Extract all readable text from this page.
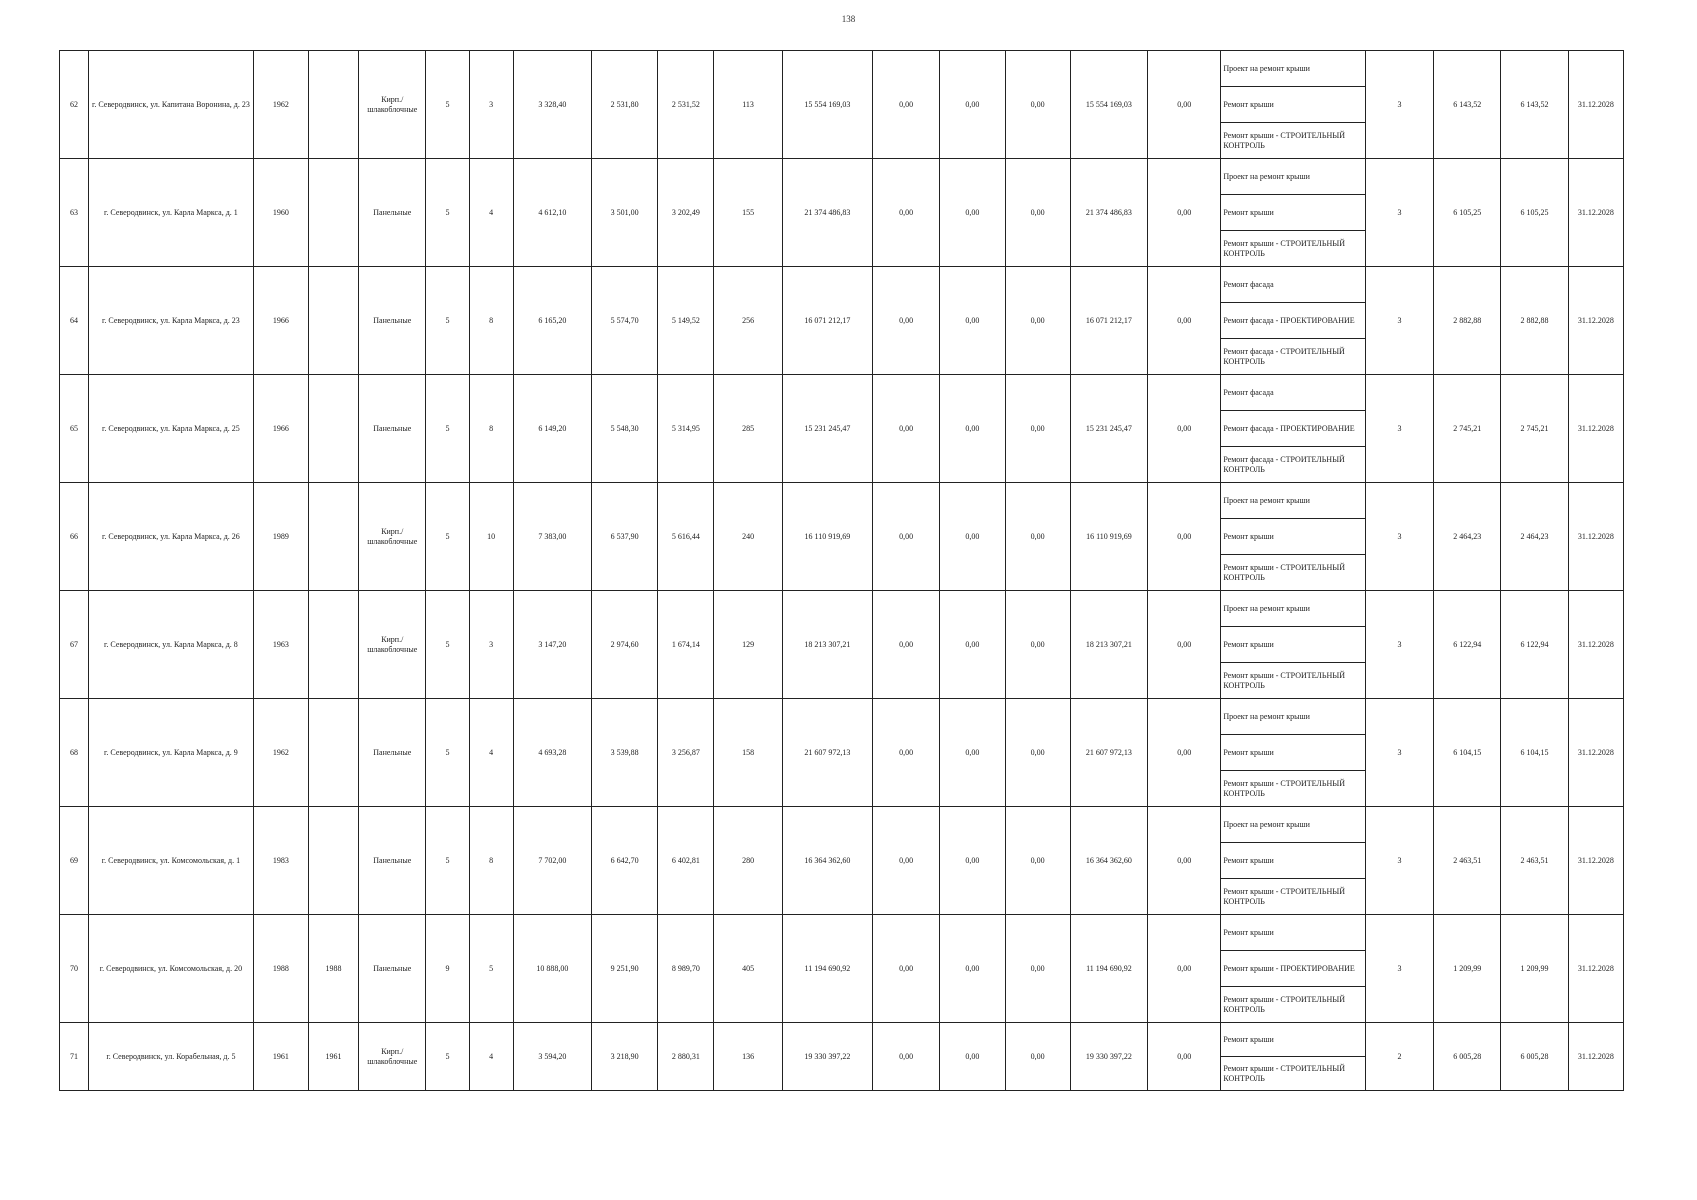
138
62	г. Северодвинск, ул. Капитана Воронина, д. 23	1962		Кирп./ шлакоблочные	5	3	3 328,40	2 531,80	2 531,52	113	15 554 169,03	0,00	0,00	0,00	15 554 169,03	0,00	Проект на ремонт крыши	3	6 143,52	6 143,52	31.12.2028
																	Ремонт крыши				
																	Ремонт крыши - СТРОИТЕЛЬНЫЙ КОНТРОЛЬ				
63	г. Северодвинск, ул. Карла Маркса, д. 1	1960		Панельные	5	4	4 612,10	3 501,00	3 202,49	155	21 374 486,83	0,00	0,00	0,00	21 374 486,83	0,00	Проект на ремонт крыши	3	6 105,25	6 105,25	31.12.2028
																	Ремонт крыши				
																	Ремонт крыши - СТРОИТЕЛЬНЫЙ КОНТРОЛЬ				
64	г. Северодвинск, ул. Карла Маркса, д. 23	1966		Панельные	5	8	6 165,20	5 574,70	5 149,52	256	16 071 212,17	0,00	0,00	0,00	16 071 212,17	0,00	Ремонт фасада	3	2 882,88	2 882,88	31.12.2028
																	Ремонт фасада - ПРОЕКТИРОВАНИЕ				
																	Ремонт фасада - СТРОИТЕЛЬНЫЙ КОНТРОЛЬ				
65	г. Северодвинск, ул. Карла Маркса, д. 25	1966		Панельные	5	8	6 149,20	5 548,30	5 314,95	285	15 231 245,47	0,00	0,00	0,00	15 231 245,47	0,00	Ремонт фасада	3	2 745,21	2 745,21	31.12.2028
																	Ремонт фасада - ПРОЕКТИРОВАНИЕ				
																	Ремонт фасада - СТРОИТЕЛЬНЫЙ КОНТРОЛЬ				
66	г. Северодвинск, ул. Карла Маркса, д. 26	1989		Кирп./ шлакоблочные	5	10	7 383,00	6 537,90	5 616,44	240	16 110 919,69	0,00	0,00	0,00	16 110 919,69	0,00	Проект на ремонт крыши	3	2 464,23	2 464,23	31.12.2028
																	Ремонт крыши				
																	Ремонт крыши - СТРОИТЕЛЬНЫЙ КОНТРОЛЬ				
67	г. Северодвинск, ул. Карла Маркса, д. 8	1963		Кирп./ шлакоблочные	5	3	3 147,20	2 974,60	1 674,14	129	18 213 307,21	0,00	0,00	0,00	18 213 307,21	0,00	Проект на ремонт крыши	3	6 122,94	6 122,94	31.12.2028
																	Ремонт крыши				
																	Ремонт крыши - СТРОИТЕЛЬНЫЙ КОНТРОЛЬ				
68	г. Северодвинск, ул. Карла Маркса, д. 9	1962		Панельные	5	4	4 693,28	3 539,88	3 256,87	158	21 607 972,13	0,00	0,00	0,00	21 607 972,13	0,00	Проект на ремонт крыши	3	6 104,15	6 104,15	31.12.2028
																	Ремонт крыши				
																	Ремонт крыши - СТРОИТЕЛЬНЫЙ КОНТРОЛЬ				
69	г. Северодвинск, ул. Комсомольская, д. 1	1983		Панельные	5	8	7 702,00	6 642,70	6 402,81	280	16 364 362,60	0,00	0,00	0,00	16 364 362,60	0,00	Проект на ремонт крыши	3	2 463,51	2 463,51	31.12.2028
																	Ремонт крыши				
																	Ремонт крыши - СТРОИТЕЛЬНЫЙ КОНТРОЛЬ				
70	г. Северодвинск, ул. Комсомольская, д. 20	1988	1988	Панельные	9	5	10 888,00	9 251,90	8 989,70	405	11 194 690,92	0,00	0,00	0,00	11 194 690,92	0,00	Ремонт крыши	3	1 209,99	1 209,99	31.12.2028
																	Ремонт крыши - ПРОЕКТИРОВАНИЕ				
																	Ремонт крыши - СТРОИТЕЛЬНЫЙ КОНТРОЛЬ				
71	г. Северодвинск, ул. Корабельная, д. 5	1961	1961	Кирп./ шлакоблочные	5	4	3 594,20	3 218,90	2 880,31	136	19 330 397,22	0,00	0,00	0,00	19 330 397,22	0,00	Ремонт крыши	2	6 005,28	6 005,28	31.12.2028
																	Ремонт крыши - СТРОИТЕЛЬНЫЙ КОНТРОЛЬ				
